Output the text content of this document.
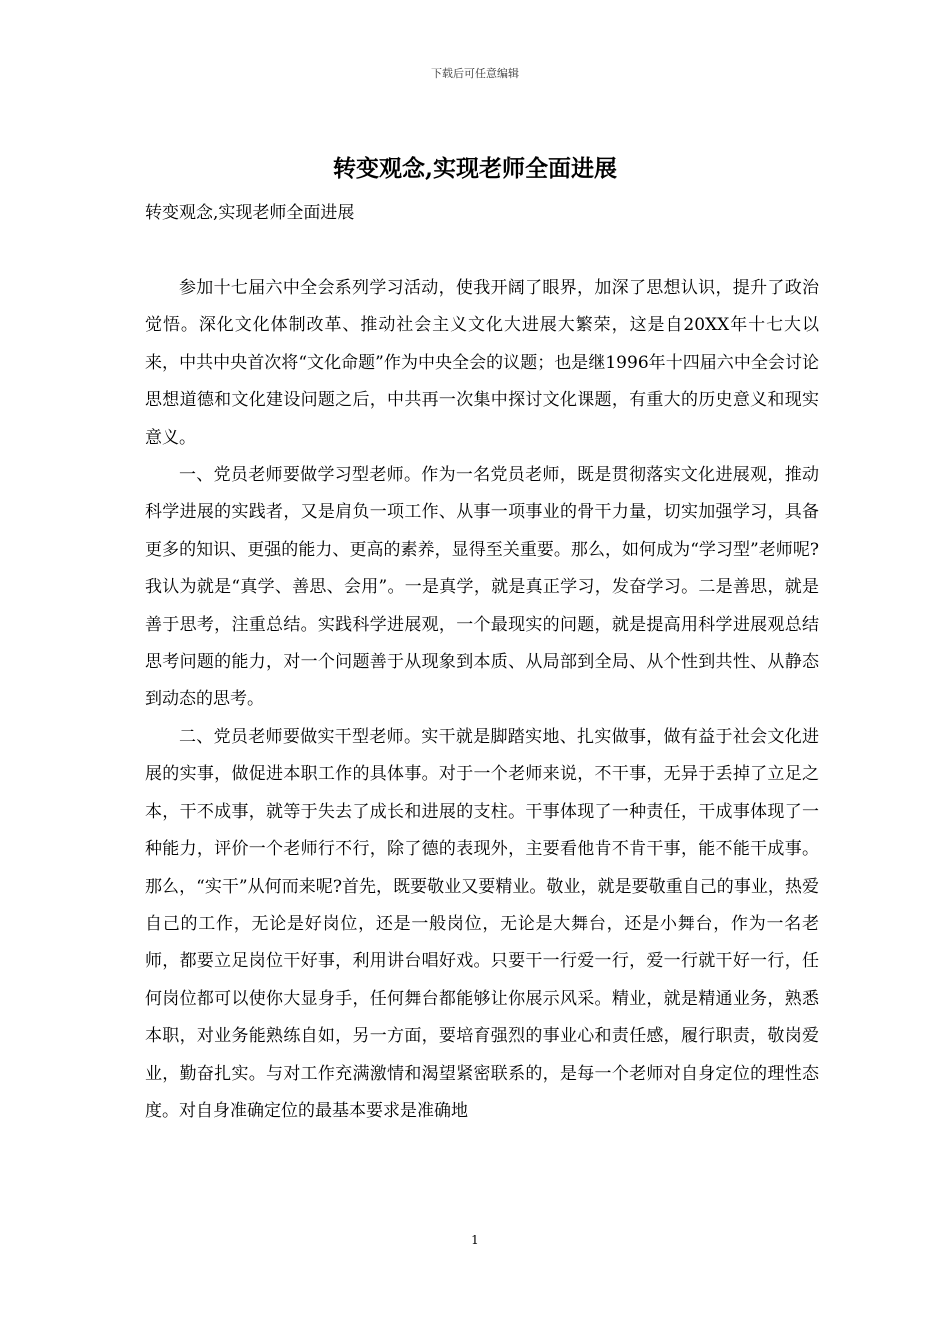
下载后可任意编辑
转变观念,实现老师全面进展
转变观念,实现老师全面进展

参加十七届六中全会系列学习活动，使我开阔了眼界，加深了思想认识，提升了政治觉悟。深化文化体制改革、推动社会主义文化大进展大繁荣，这是自20XX年十七大以来，中共中央首次将“文化命题”作为中央全会的议题；也是继1996年十四届六中全会讨论思想道德和文化建设问题之后，中共再一次集中探讨文化课题，有重大的历史意义和现实意义。

一、党员老师要做学习型老师。作为一名党员老师，既是贯彻落实文化进展观，推动科学进展的实践者，又是肩负一项工作、从事一项事业的骨干力量，切实加强学习，具备更多的知识、更强的能力、更高的素养，显得至关重要。那么，如何成为“学习型”老师呢?我认为就是“真学、善思、会用”。一是真学，就是真正学习，发奋学习。二是善思，就是善于思考，注重总结。实践科学进展观，一个最现实的问题，就是提高用科学进展观总结思考问题的能力，对一个问题善于从现象到本质、从局部到全局、从个性到共性、从静态到动态的思考。

二、党员老师要做实干型老师。实干就是脚踏实地、扎实做事，做有益于社会文化进展的实事，做促进本职工作的具体事。对于一个老师来说，不干事，无异于丢掉了立足之本，干不成事，就等于失去了成长和进展的支柱。干事体现了一种责任，干成事体现了一种能力，评价一个老师行不行，除了德的表现外，主要看他肯不肯干事，能不能干成事。那么，“实干”从何而来呢?首先，既要敬业又要精业。敬业，就是要敬重自己的事业，热爱自己的工作，无论是好岗位，还是一般岗位，无论是大舞台，还是小舞台，作为一名老师，都要立足岗位干好事，利用讲台唱好戏。只要干一行爱一行，爱一行就干好一行，任何岗位都可以使你大显身手，任何舞台都能够让你展示风采。精业，就是精通业务，熟悉本职，对业务能熟练自如，另一方面，要培育强烈的事业心和责任感，履行职责，敬岗爱业，勤奋扎实。与对工作充满激情和渴望紧密联系的，是每一个老师对自身定位的理性态度。对自身准确定位的最基本要求是准确地

1
